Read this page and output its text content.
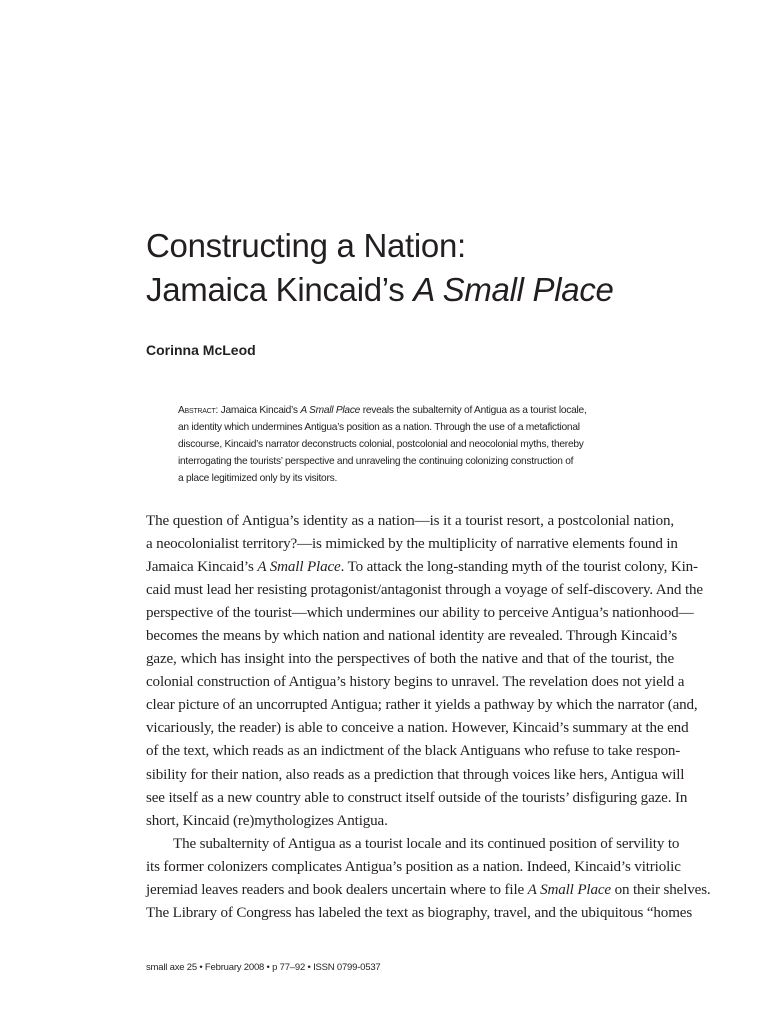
Constructing a Nation:
Jamaica Kincaid’s A Small Place
Corinna McLeod
Abstract: Jamaica Kincaid’s A Small Place reveals the subalternity of Antigua as a tourist locale,
an identity which undermines Antigua’s position as a nation. Through the use of a metafictional
discourse, Kincaid’s narrator deconstructs colonial, postcolonial and neocolonial myths, thereby
interrogating the tourists’ perspective and unraveling the continuing colonizing construction of
a place legitimized only by its visitors.
The question of Antigua’s identity as a nation—is it a tourist resort, a postcolonial nation,
a neocolonialist territory?—is mimicked by the multiplicity of narrative elements found in
Jamaica Kincaid’s A Small Place. To attack the long-standing myth of the tourist colony, Kin-
caid must lead her resisting protagonist/antagonist through a voyage of self-discovery. And the
perspective of the tourist—which undermines our ability to perceive Antigua’s nationhood—
becomes the means by which nation and national identity are revealed. Through Kincaid’s
gaze, which has insight into the perspectives of both the native and that of the tourist, the
colonial construction of Antigua’s history begins to unravel. The revelation does not yield a
clear picture of an uncorrupted Antigua; rather it yields a pathway by which the narrator (and,
vicariously, the reader) is able to conceive a nation. However, Kincaid’s summary at the end
of the text, which reads as an indictment of the black Antiguans who refuse to take respon-
sibility for their nation, also reads as a prediction that through voices like hers, Antigua will
see itself as a new country able to construct itself outside of the tourists’ disfiguring gaze. In
short, Kincaid (re)mythologizes Antigua.
The subalternity of Antigua as a tourist locale and its continued position of servility to
its former colonizers complicates Antigua’s position as a nation. Indeed, Kincaid’s vitriolic
jeremiad leaves readers and book dealers uncertain where to file A Small Place on their shelves.
The Library of Congress has labeled the text as biography, travel, and the ubiquitous “homes
small axe 25 • February 2008 • p 77–92 • ISSN 0799-0537
